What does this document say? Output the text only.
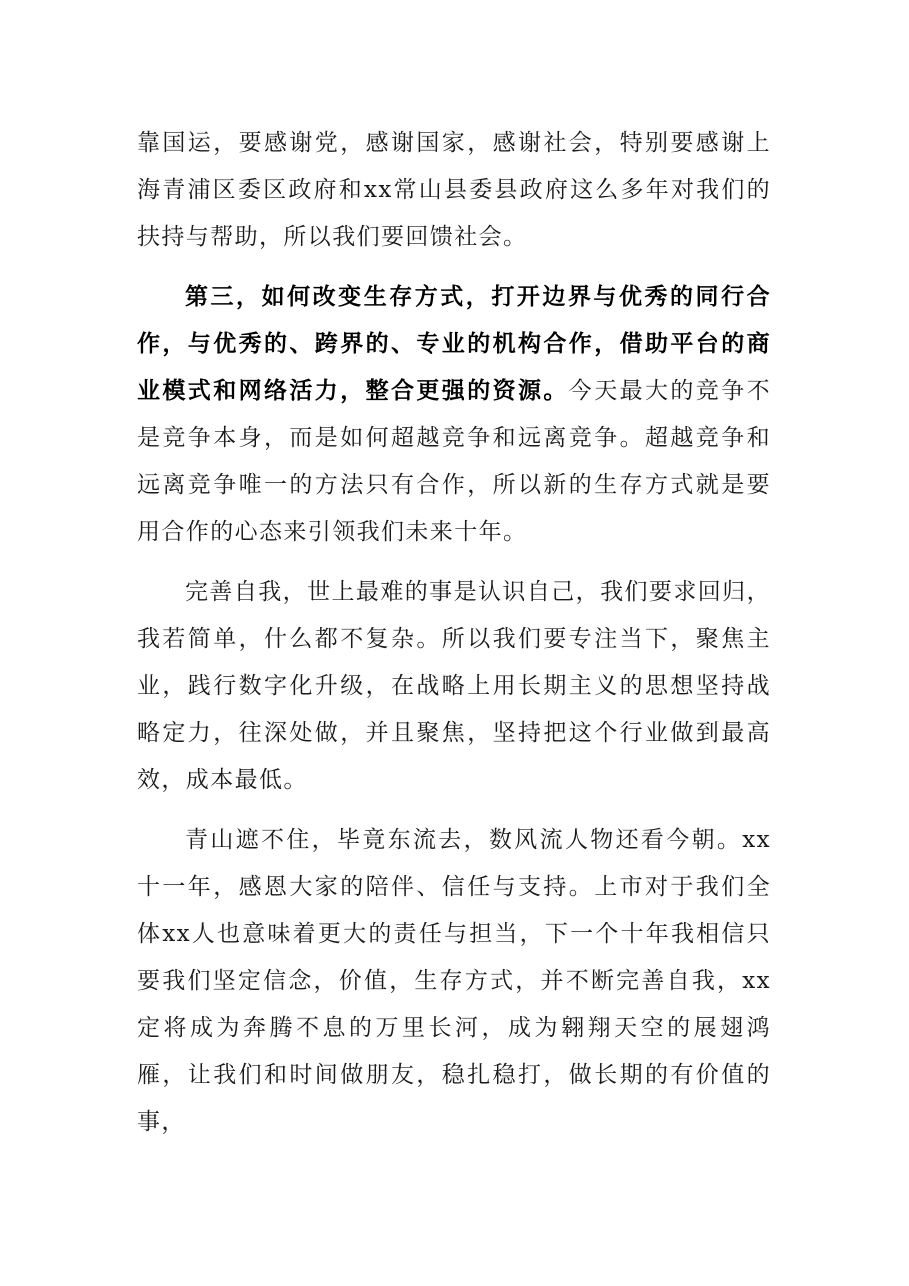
靠国运，要感谢党，感谢国家，感谢社会，特别要感谢上海青浦区委区政府和xx常山县委县政府这么多年对我们的扶持与帮助，所以我们要回馈社会。

第三，如何改变生存方式，打开边界与优秀的同行合作，与优秀的、跨界的、专业的机构合作，借助平台的商业模式和网络活力，整合更强的资源。今天最大的竞争不是竞争本身，而是如何超越竞争和远离竞争。超越竞争和远离竞争唯一的方法只有合作，所以新的生存方式就是要用合作的心态来引领我们未来十年。

完善自我，世上最难的事是认识自己，我们要求回归，我若简单，什么都不复杂。所以我们要专注当下，聚焦主业，践行数字化升级，在战略上用长期主义的思想坚持战略定力，往深处做，并且聚焦，坚持把这个行业做到最高效，成本最低。

青山遮不住，毕竟东流去，数风流人物还看今朝。xx十一年，感恩大家的陪伴、信任与支持。上市对于我们全体xx人也意味着更大的责任与担当，下一个十年我相信只要我们坚定信念，价值，生存方式，并不断完善自我，xx定将成为奔腾不息的万里长河，成为翱翔天空的展翅鸿雁，让我们和时间做朋友，稳扎稳打，做长期的有价值的事，
